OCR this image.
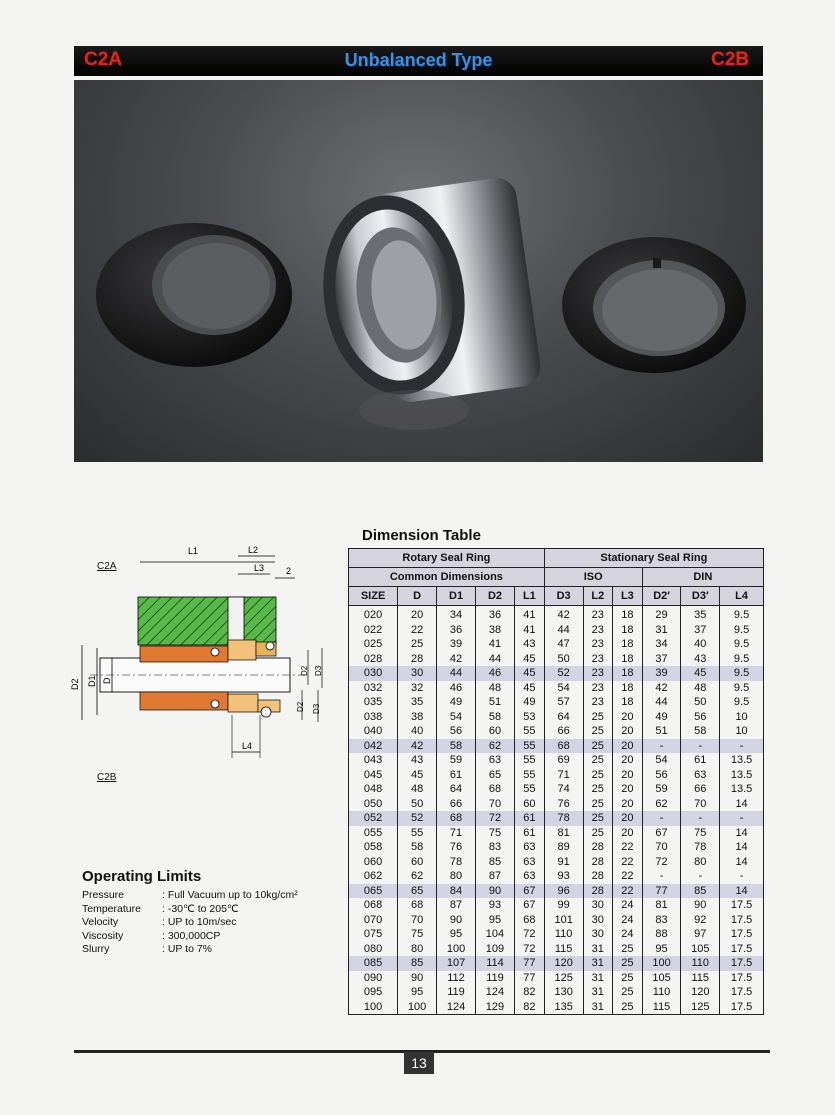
C2A	Unbalanced Type	C2B
C2A
C2B
L1	L2
L3 2
D2 D1 D
D2 D3
D2 D3
L4
Operating Limits
Pressure	: Full Vacuum up to 10kg/cm²
Temperature	: -30℃ to 205℃
Velocity	: UP to 10m/sec
Viscosity	: 300,000CP
Slurry	: UP to 7%
Dimension Table
Rotary Seal Ring					Stationary Seal Ring					
Common Dimensions					ISO			DIN		
SIZE	D	D1	D2	L1	D3	L2	L3	D2′	D3′	L4
020	20	34	36	41	42	23	18	29	35	9.5
022	22	36	38	41	44	23	18	31	37	9.5
025	25	39	41	43	47	23	18	34	40	9.5
028	28	42	44	45	50	23	18	37	43	9.5
030	30	44	46	45	52	23	18	39	45	9.5
032	32	46	48	45	54	23	18	42	48	9.5
035	35	49	51	49	57	23	18	44	50	9.5
038	38	54	58	53	64	25	20	49	56	10
040	40	56	60	55	66	25	20	51	58	10
042	42	58	62	55	68	25	20	-	-	-
043	43	59	63	55	69	25	20	54	61	13.5
045	45	61	65	55	71	25	20	56	63	13.5
048	48	64	68	55	74	25	20	59	66	13.5
050	50	66	70	60	76	25	20	62	70	14
052	52	68	72	61	78	25	20	-	-	-
055	55	71	75	61	81	25	20	67	75	14
058	58	76	83	63	89	28	22	70	78	14
060	60	78	85	63	91	28	22	72	80	14
062	62	80	87	63	93	28	22	-	-	-
065	65	84	90	67	96	28	22	77	85	14
068	68	87	93	67	99	30	24	81	90	17.5
070	70	90	95	68	101	30	24	83	92	17.5
075	75	95	104	72	110	30	24	88	97	17.5
080	80	100	109	72	115	31	25	95	105	17.5
085	85	107	114	77	120	31	25	100	110	17.5
090	90	112	119	77	125	31	25	105	115	17.5
095	95	119	124	82	130	31	25	110	120	17.5
100	100	124	129	82	135	31	25	115	125	17.5
13
